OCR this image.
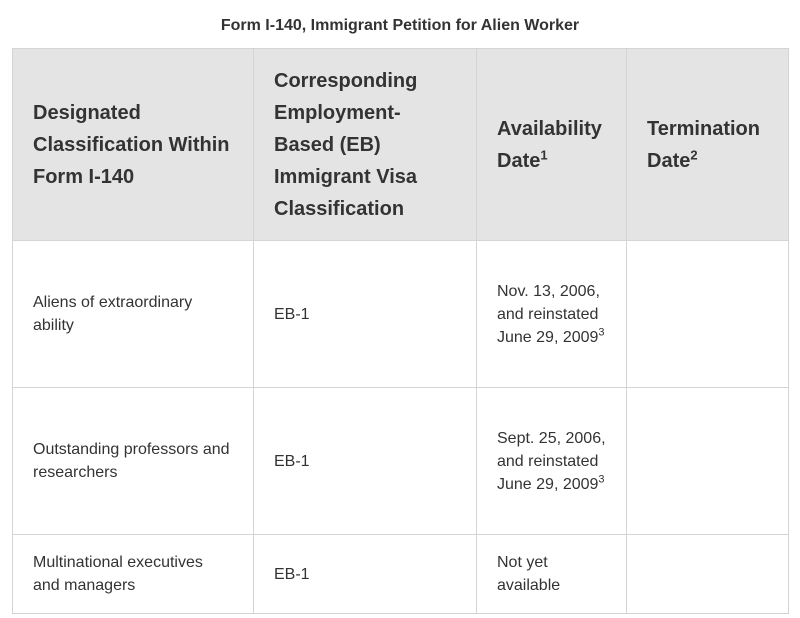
Form I-140, Immigrant Petition for Alien Worker
Designated Classification Within Form I-140	Corresponding Employment-Based (EB) Immigrant Visa Classification	Availability Date$^1$	Termination Date$^2$
Aliens of extraordinary ability	EB-1	Nov. 13, 2006, and reinstated June 29, 2009$^3$	
Outstanding professors and researchers	EB-1	Sept. 25, 2006, and reinstated June 29, 2009$^3$	
Multinational executives and managers	EB-1	Not yet available	
